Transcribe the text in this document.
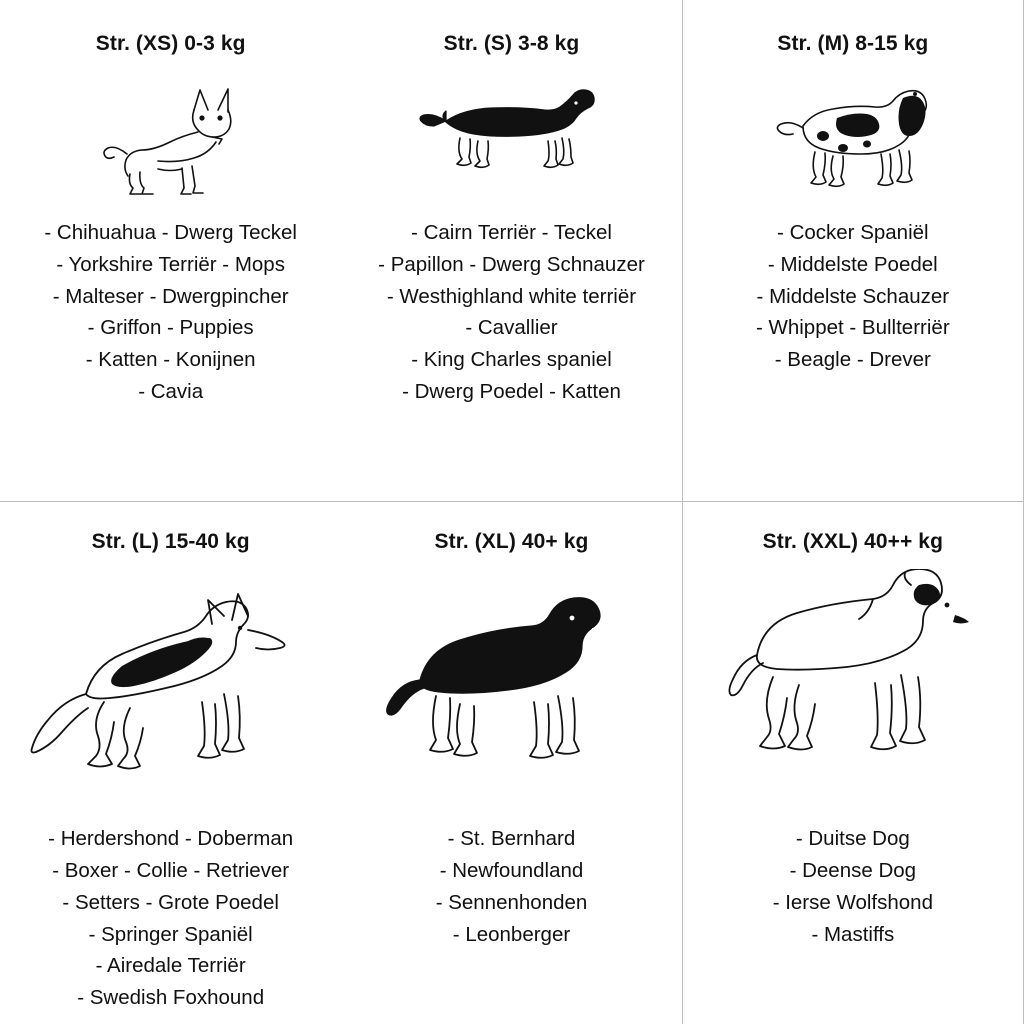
Str. (XS) 0-3 kg
- Chihuahua - Dwerg Teckel
- Yorkshire Terriër - Mops
- Malteser - Dwergpincher
- Griffon - Puppies
- Katten - Konijnen
- Cavia
Str. (S) 3-8 kg
- Cairn Terriër - Teckel
- Papillon - Dwerg Schnauzer
- Westhighland white terriër
- Cavallier
- King Charles spaniel
- Dwerg Poedel - Katten
Str. (M) 8-15 kg
- Cocker Spaniël
- Middelste Poedel
- Middelste Schauzer
- Whippet - Bullterriër
- Beagle - Drever
Str. (L) 15-40 kg
- Herdershond - Doberman
- Boxer - Collie - Retriever
- Setters - Grote Poedel
- Springer Spaniël
- Airedale Terriër
- Swedish Foxhound
Str. (XL) 40+ kg
- St. Bernhard
- Newfoundland
- Sennenhonden
- Leonberger
Str. (XXL) 40++ kg
- Duitse Dog
- Deense Dog
- Ierse Wolfshond
- Mastiffs
